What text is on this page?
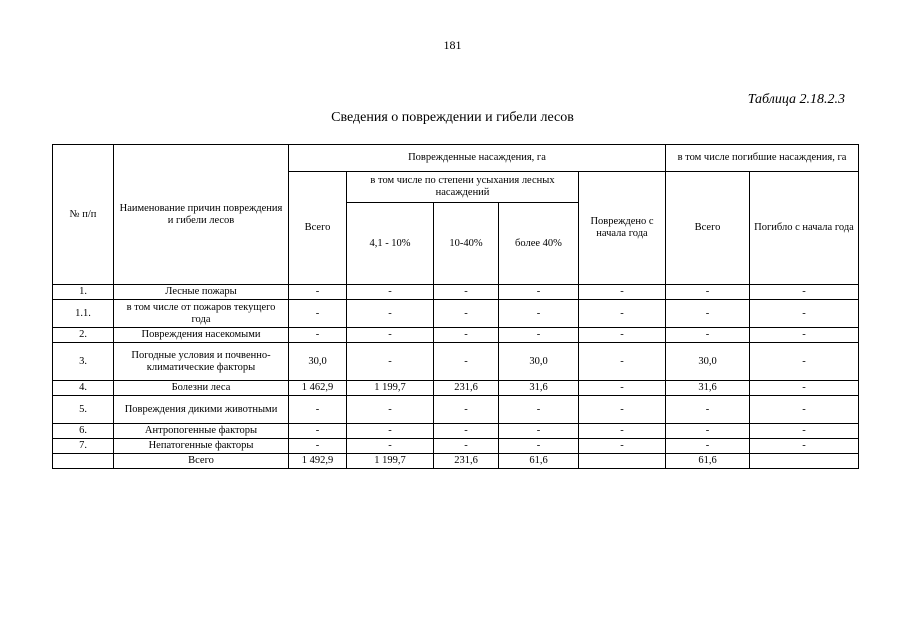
181
Таблица 2.18.2.3
Сведения о повреждении и гибели лесов
№ п/п	Наименование причин повреждения и гибели лесов	Поврежденные насаждения, га					в том числе погибшие насаждения, га	
		Всего	в том числе по степени усыхания лесных насаждений			Повреждено с начала года	Всего	Погибло с начала года
			4,1 - 10%	10-40%	более 40%			
1.	Лесные пожары	-	-	-	-	-	-	-
1.1.	в том числе от пожаров текущего года	-	-	-	-	-	-	-
2.	Повреждения насекомыми	-	-	-	-	-	-	-
3.	Погодные условия и почвенно-климатические факторы	30,0	-	-	30,0	-	30,0	-
4.	Болезни леса	1 462,9	1 199,7	231,6	31,6	-	31,6	-
5.	Повреждения дикими животными	-	-	-	-	-	-	-
6.	Антропогенные факторы	-	-	-	-	-	-	-
7.	Непатогенные факторы	-	-	-	-	-	-	-
	Всего	1 492,9	1 199,7	231,6	61,6		61,6	
